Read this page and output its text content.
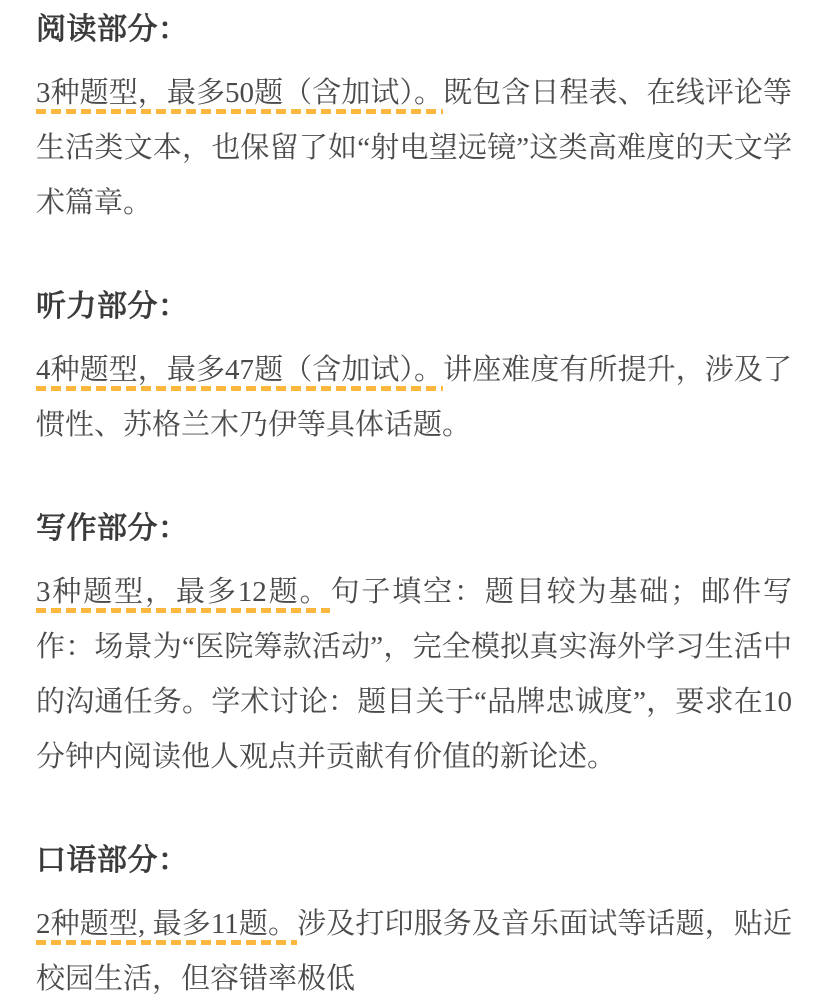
阅读部分：

3种题型，最多50题（含加试）。既包含日程表、在线评论等生活类文本，也保留了如“射电望远镜”这类高难度的天文学术篇章。

听力部分：

4种题型，最多47题（含加试）。讲座难度有所提升，涉及了惯性、苏格兰木乃伊等具体话题。

写作部分：

3种题型，最多12题。句子填空：题目较为基础；邮件写作：场景为“医院筹款活动”，完全模拟真实海外学习生活中的沟通任务。学术讨论：题目关于“品牌忠诚度”，要求在10分钟内阅读他人观点并贡献有价值的新论述。

口语部分：

2种题型, 最多11题。涉及打印服务及音乐面试等话题，贴近校园生活，但容错率极低
